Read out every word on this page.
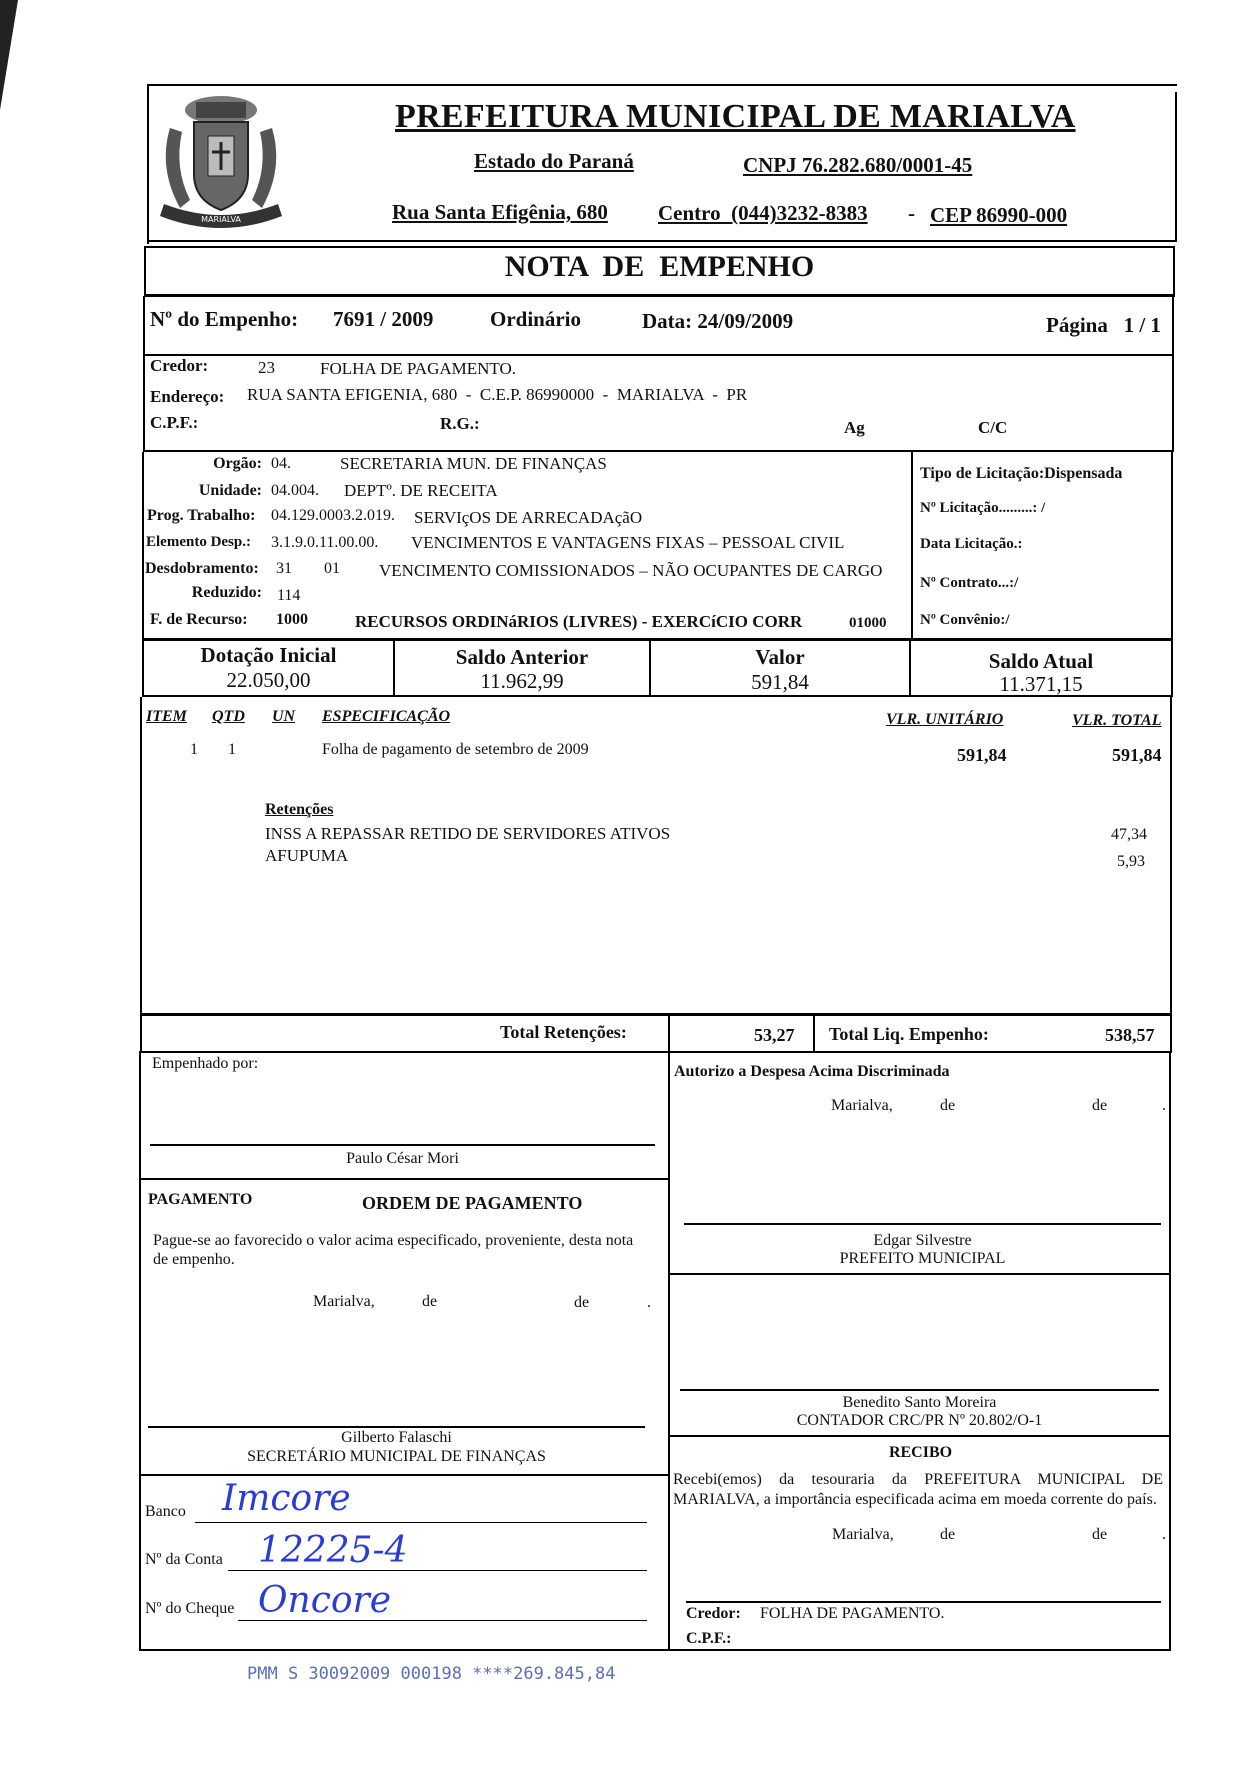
MARIALVA
PREFEITURA MUNICIPAL DE MARIALVA
Estado do Paraná	CNPJ 76.282.680/0001-45
Rua Santa Efigênia, 680 Centro  (044)3232-8383 - CEP 86990-000
NOTA  DE  EMPENHO
Nº do Empenho: 7691 / 2009	Ordinário	Data: 24/09/2009	Página   1 / 1
Credor:	23	FOLHA DE PAGAMENTO.
Endereço: RUA SANTA EFIGENIA, 680  -  C.E.P. 86990000  -  MARIALVA  -  PR
C.P.F.:	R.G.:	Ag	C/C
Orgão: 04.	SECRETARIA MUN. DE FINANÇAS
Unidade: 04.004. DEPTº. DE RECEITA
Prog. Trabalho: 04.129.0003.2.019. SERVIçOS DE ARRECADAçãO
Elemento Desp.: 3.1.9.0.11.00.00. VENCIMENTOS E VANTAGENS FIXAS – PESSOAL CIVIL
Desdobramento: 31 01 VENCIMENTO COMISSIONADOS – NÃO OCUPANTES DE CARGO
Reduzido: 114
F. de Recurso: 1000	RECURSOS ORDINáRIOS (LIVRES) - EXERCíCIO CORR	01000
Tipo de Licitação:Dispensada
Nº Licitação.........: /
Data Licitação.:
Nº Contrato...:/
Nº Convênio:/
Dotação Inicial
22.050,00
Saldo Anterior
11.962,99
Valor
591,84
Saldo Atual
11.371,15
ITEM QTD UN ESPECIFICAÇÃO	VLR. UNITÁRIO	VLR. TOTAL
1 1	Folha de pagamento de setembro de 2009	591,84	591,84
Retenções
INSS A REPASSAR RETIDO DE SERVIDORES ATIVOS	47,34
AFUPUMA	5,93
Total Retenções:	53,27 Total Liq. Empenho:	538,57
Empenhado por:
Paulo César Mori
PAGAMENTO	ORDEM DE PAGAMENTO
Pague-se ao favorecido o valor acima especificado, proveniente, desta nota de empenho.
Marialva,	de	de	.
Gilberto Falaschi
SECRETÁRIO MUNICIPAL DE FINANÇAS
Banco Imcore
Nº da Conta 12225-4
Nº do Cheque Oncore
Autorizo a Despesa Acima Discriminada
Marialva,	de	de	.
Edgar Silvestre
PREFEITO MUNICIPAL
Benedito Santo Moreira
CONTADOR CRC/PR Nº 20.802/O-1
RECIBO
Recebi(emos) da tesouraria da PREFEITURA MUNICIPAL DE MARIALVA, a importância especificada acima em moeda corrente do país.
Marialva,	de	de	.
Credor: FOLHA DE PAGAMENTO.
C.P.F.:
PMM S 30092009 000198 ****269.845,84
